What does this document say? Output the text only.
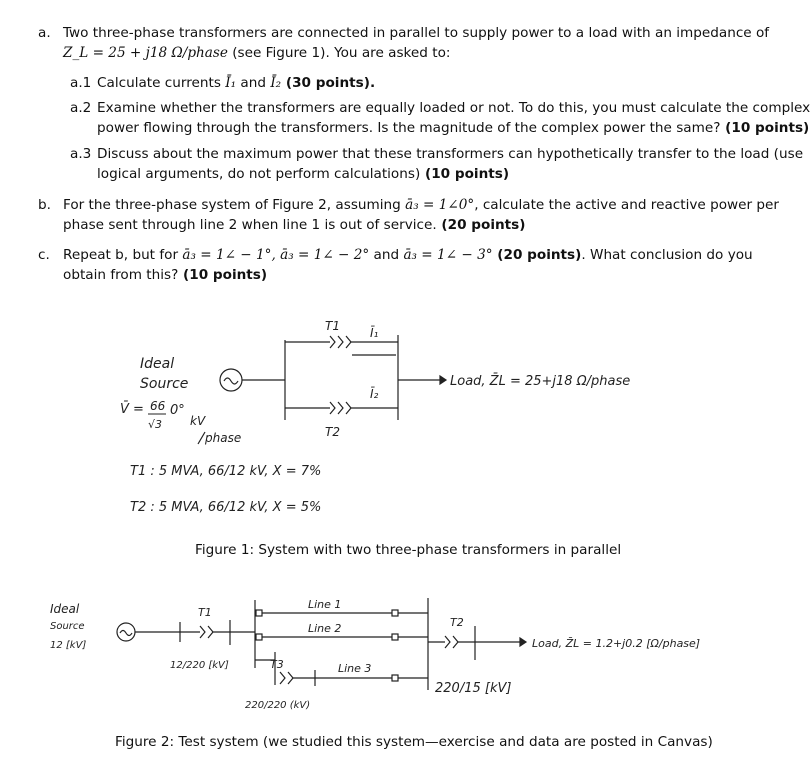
a. Two three-phase transformers are connected in parallel to supply power to a load with an impedance of
Z_L = 25 + j18 Ω/phase (see Figure 1). You are asked to:
a.1 Calculate currents Ī₁ and Ī₂ (30 points).
a.2 Examine whether the transformers are equally loaded or not. To do this, you must calculate the complex
power flowing through the transformers. Is the magnitude of the complex power the same? (10 points)
a.3 Discuss about the maximum power that these transformers can hypothetically transfer to the load (use
logical arguments, do not perform calculations) (10 points)
b. For the three-phase system of Figure 2, assuming ā₃ = 1∠0°, calculate the active and reactive power per
phase sent through line 2 when line 1 is out of service. (20 points)
c. Repeat b, but for ā₃ = 1∠ − 1°, ā₃ = 1∠ − 2° and ā₃ = 1∠ − 3° (20 points). What conclusion do you
obtain from this? (10 points)
Ideal
Source
V̄ = 66
√3
0°
kV
phase
T1
T2
Ī₁
Ī₂
Load, Z̄L = 25+j18 Ω/phase
T1 : 5 MVA, 66/12 kV, X = 7%
T2 : 5 MVA, 66/12 kV, X = 5%
Figure 1: System with two three-phase transformers in parallel
Ideal
Source
12 [kV]
T1
12/220 [kV]	T3
220/220 (kV)
Line 1
Line 2
Line 3
T2
220/15 [kV]
Load, Z̄L = 1.2+j0.2 [Ω/phase]
Figure 2: Test system (we studied this system—exercise and data are posted in Canvas)
